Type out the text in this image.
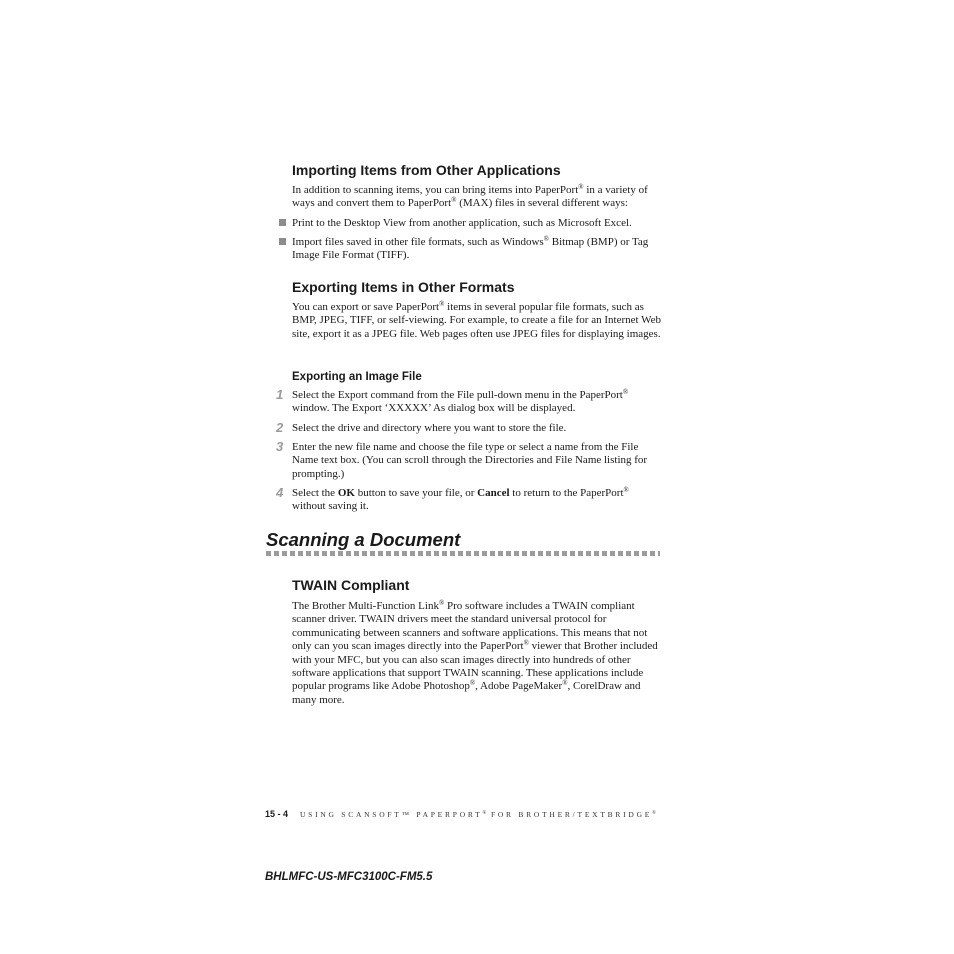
Importing Items from Other Applications
In addition to scanning items, you can bring items into PaperPort® in a variety of ways and convert them to PaperPort® (MAX) files in several different ways:
Print to the Desktop View from another application, such as Microsoft Excel.
Import files saved in other file formats, such as Windows® Bitmap (BMP) or Tag Image File Format (TIFF).
Exporting Items in Other Formats
You can export or save PaperPort® items in several popular file formats, such as BMP, JPEG, TIFF, or self-viewing. For example, to create a file for an Internet Web site, export it as a JPEG file. Web pages often use JPEG files for displaying images.
Exporting an Image File
1 Select the Export command from the File pull-down menu in the PaperPort® window. The Export ‘XXXXX’ As dialog box will be displayed.
2 Select the drive and directory where you want to store the file.
3 Enter the new file name and choose the file type or select a name from the File Name text box. (You can scroll through the Directories and File Name listing for prompting.)
4 Select the OK button to save your file, or Cancel to return to the PaperPort® without saving it.
Scanning a Document
TWAIN Compliant
The Brother Multi-Function Link® Pro software includes a TWAIN compliant scanner driver. TWAIN drivers meet the standard universal protocol for communicating between scanners and software applications. This means that not only can you scan images directly into the PaperPort® viewer that Brother included with your MFC, but you can also scan images directly into hundreds of other software applications that support TWAIN scanning. These applications include popular programs like Adobe Photoshop®, Adobe PageMaker®, CorelDraw and many more.
15 - 4 USING SCANSOFT™ PAPERPORT® FOR BROTHER/TEXTBRIDGE®
BHLMFC-US-MFC3100C-FM5.5
